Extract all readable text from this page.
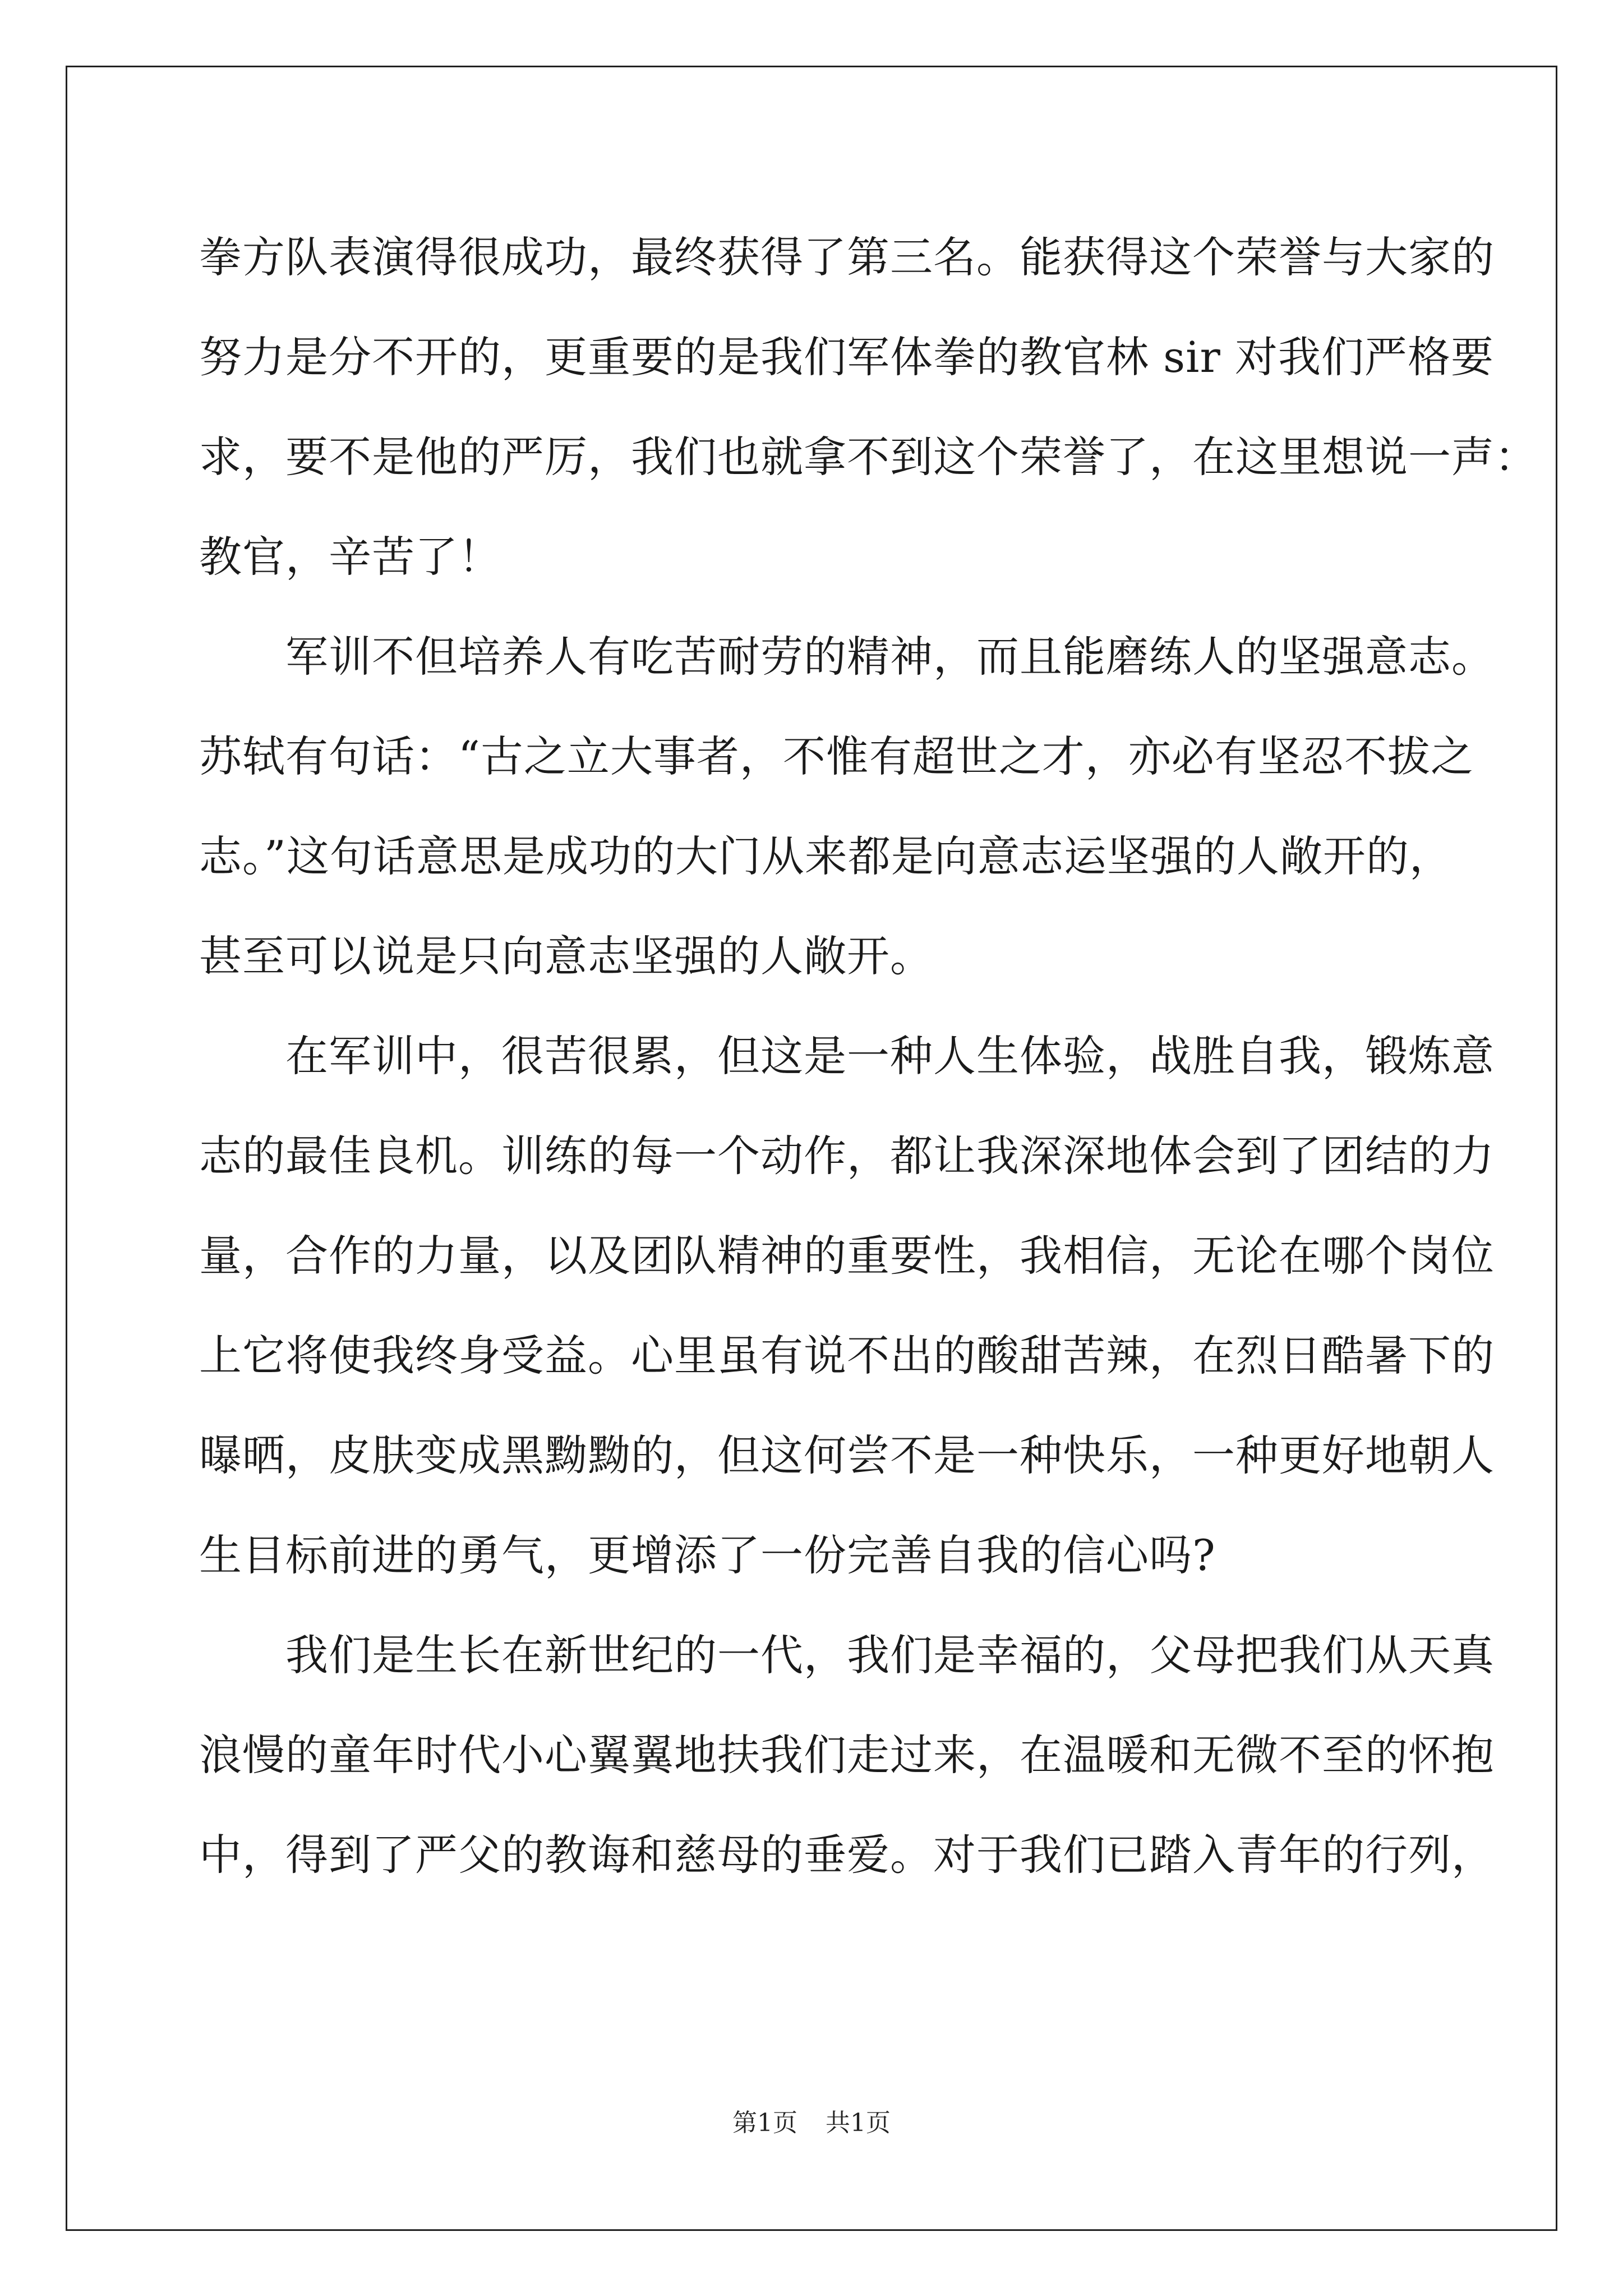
拳方队表演得很成功，最终获得了第三名。能获得这个荣誉与大家的
努力是分不开的，更重要的是我们军体拳的教官林 sir 对我们严格要
求，要不是他的严厉，我们也就拿不到这个荣誉了，在这里想说一声：
教官，辛苦了！
　　军训不但培养人有吃苦耐劳的精神，而且能磨练人的坚强意志。
苏轼有句话：“古之立大事者，不惟有超世之才，亦必有坚忍不拔之
志。”这句话意思是成功的大门从来都是向意志运坚强的人敞开的，
甚至可以说是只向意志坚强的人敞开。
　　在军训中，很苦很累，但这是一种人生体验，战胜自我，锻炼意
志的最佳良机。训练的每一个动作，都让我深深地体会到了团结的力
量，合作的力量，以及团队精神的重要性，我相信，无论在哪个岗位
上它将使我终身受益。心里虽有说不出的酸甜苦辣，在烈日酷暑下的
曝晒，皮肤变成黑黝黝的，但这何尝不是一种快乐，一种更好地朝人
生目标前进的勇气，更增添了一份完善自我的信心吗?
　　我们是生长在新世纪的一代，我们是幸福的，父母把我们从天真
浪慢的童年时代小心翼翼地扶我们走过来，在温暖和无微不至的怀抱
中，得到了严父的教诲和慈母的垂爱。对于我们已踏入青年的行列，
第1页 共1页
